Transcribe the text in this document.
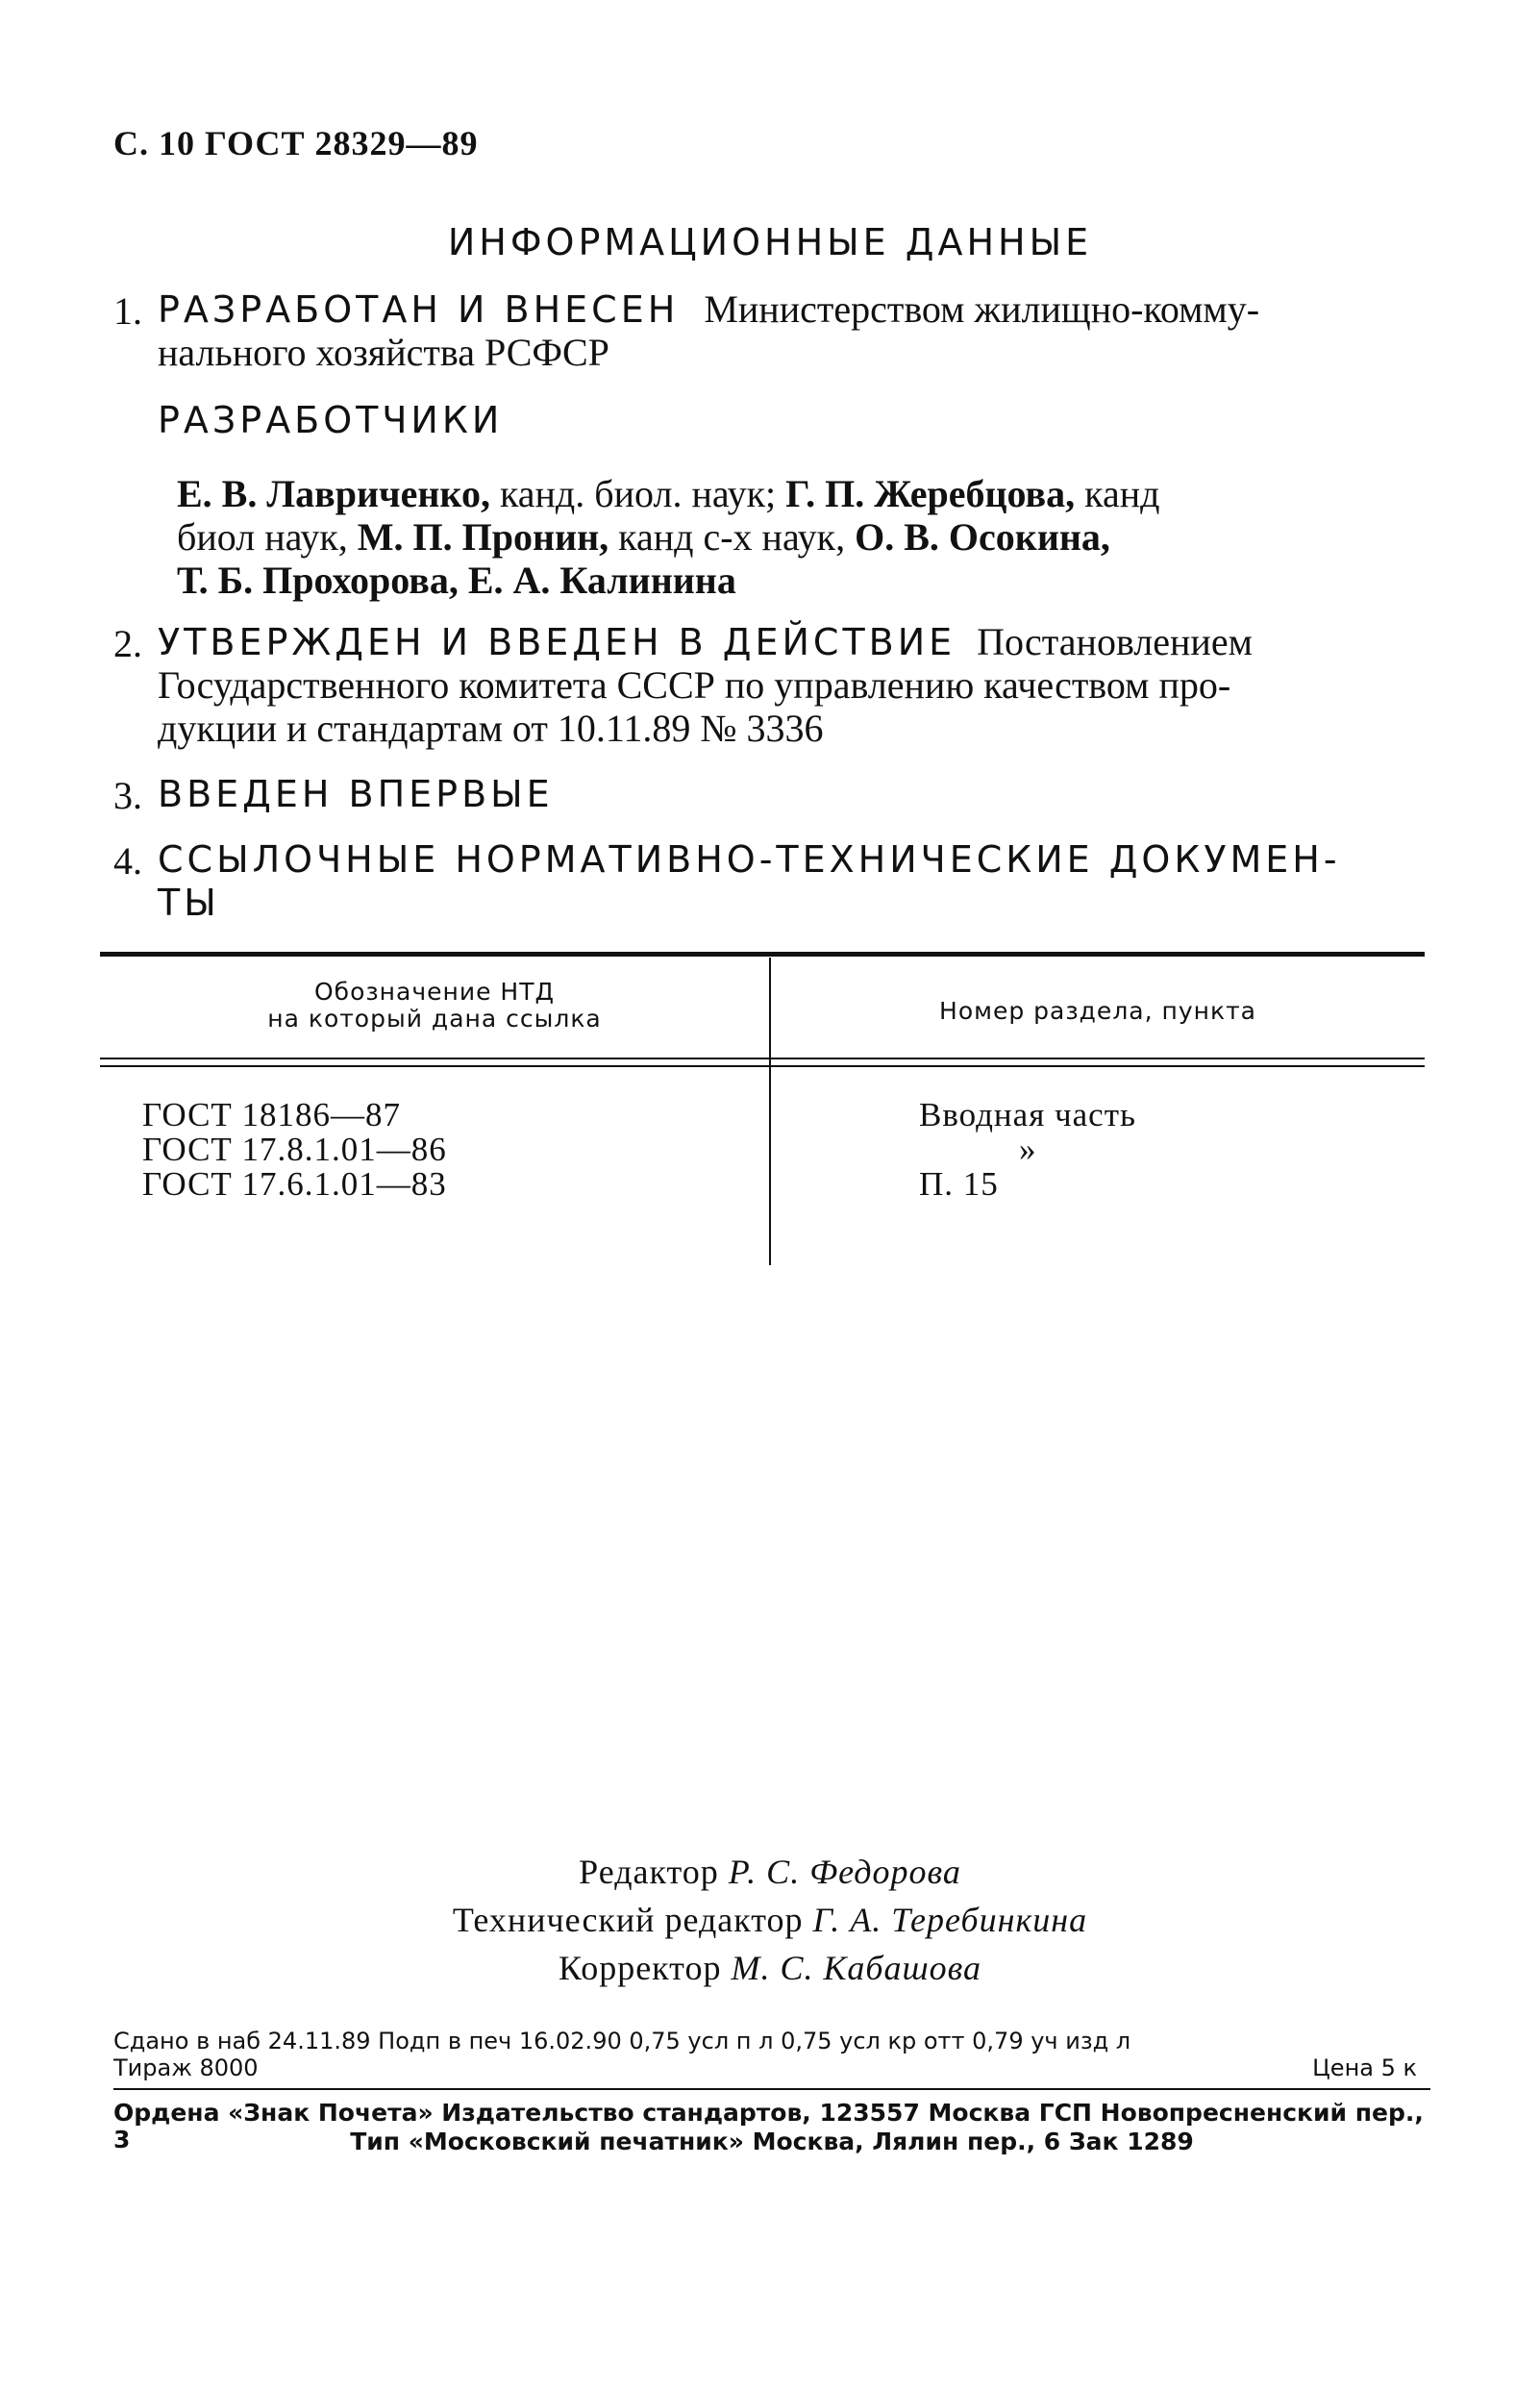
С. 10 ГОСТ 28329—89
ИНФОРМАЦИОННЫЕ ДАННЫЕ
1. РАЗРАБОТАН И ВНЕСЕН Министерством жилищно-комму-
нального хозяйства РСФСР
РАЗРАБОТЧИКИ
Е. В. Лавриченко, канд. биол. наук; Г. П. Жеребцова, канд
биол наук, М. П. Пронин, канд с-х наук, О. В. Осокина,
Т. Б. Прохорова, Е. А. Калинина
2. УТВЕРЖДЕН И ВВЕДЕН В ДЕЙСТВИЕ Постановлением
Государственного комитета СССР по управлению качеством про-
дукции и стандартам от 10.11.89 № 3336
3. ВВЕДЕН ВПЕРВЫЕ
4. ССЫЛОЧНЫЕ НОРМАТИВНО-ТЕХНИЧЕСКИЕ ДОКУМЕН-
ТЫ
Обозначение НТД
на который дана ссылка	Номер раздела, пункта
ГОСТ 18186—87	Вводная часть
ГОСТ 17.8.1.01—86	»
ГОСТ 17.6.1.01—83	П. 15
Редактор Р. С. Федорова
Технический редактор Г. А. Теребинкина
Корректор М. С. Кабашова
Сдано в наб 24.11.89 Подп в печ 16.02.90 0,75 усл п л 0,75 усл кр отт 0,79 уч изд л
Тираж 8000	Цена 5 к
Ордена «Знак Почета» Издательство стандартов, 123557 Москва ГСП Новопресненский пер., 3	Тип «Московский печатник» Москва, Лялин пер., 6 Зак 1289
